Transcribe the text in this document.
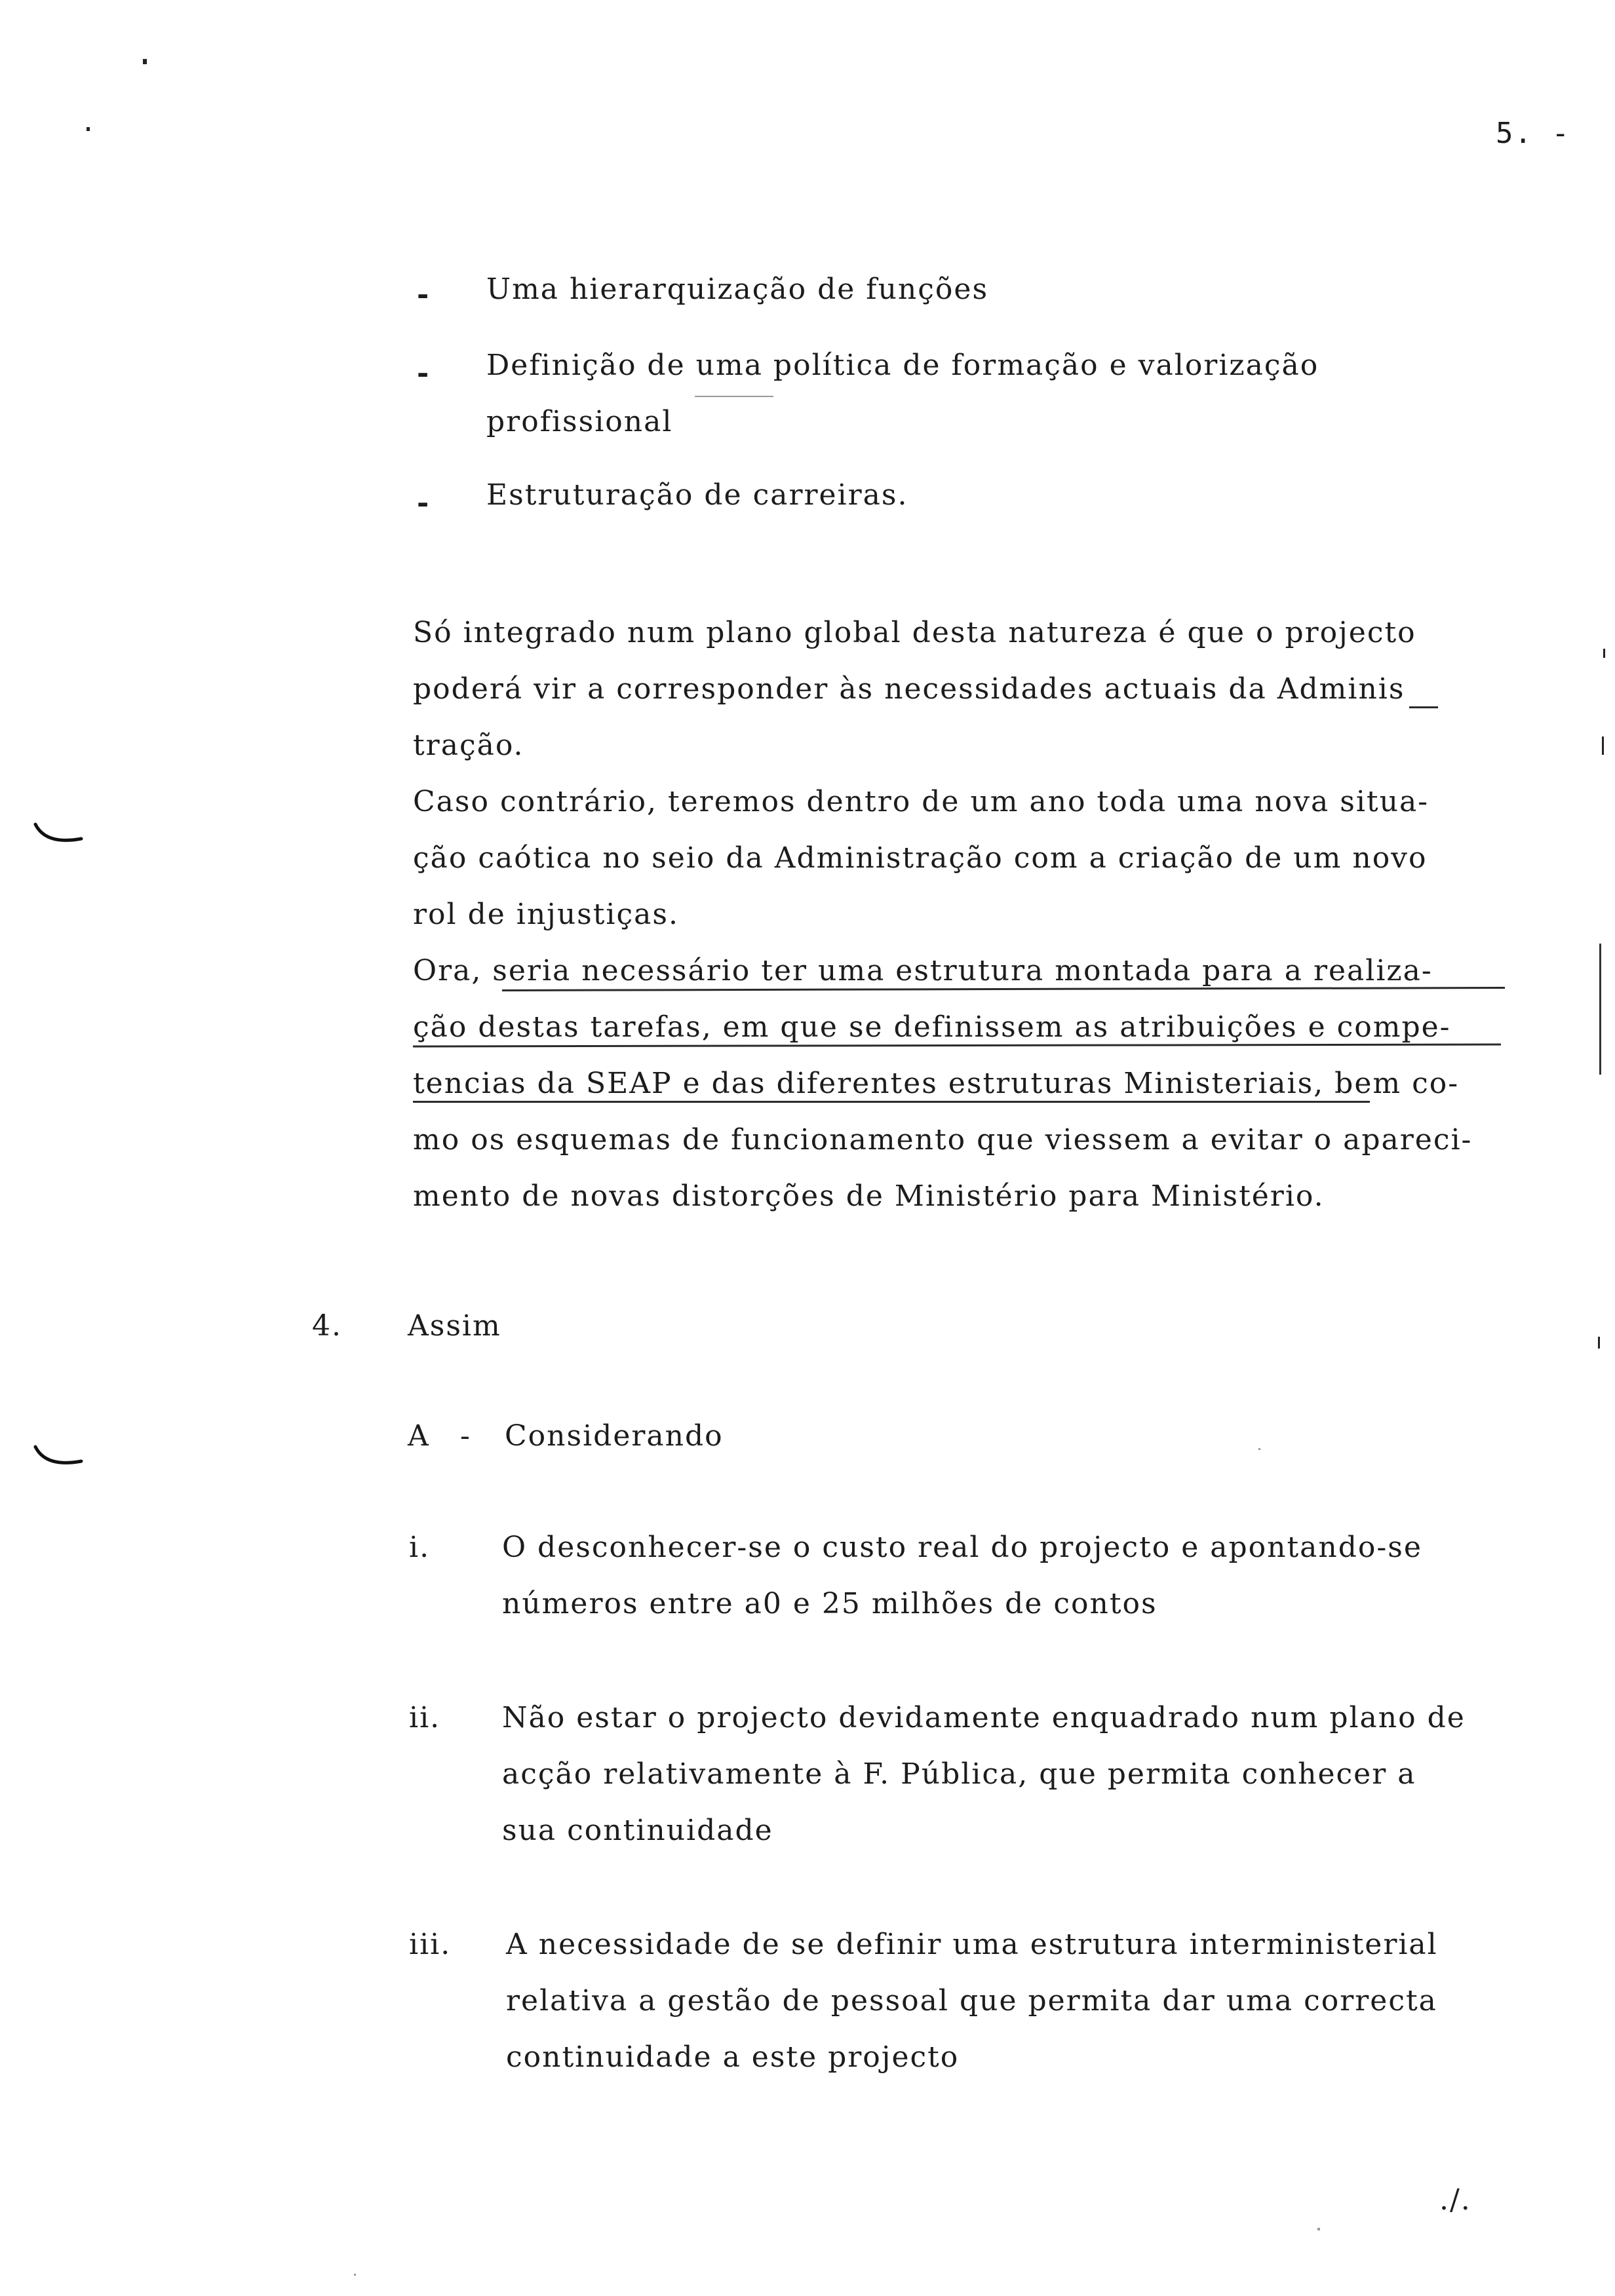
5. -
- Uma hierarquização de funções
- Definição de uma política de formação e valorização
profissional
- Estruturação de carreiras.
Só integrado num plano global desta natureza é que o projecto
poderá vir a corresponder às necessidades actuais da Adminis
tração.
Caso contrário, teremos dentro de um ano toda uma nova situa-
ção caótica no seio da Administração com a criação de um novo
rol de injustiças.
Ora, seria necessário ter uma estrutura montada para a realiza-
ção destas tarefas, em que se definissem as atribuições e compe-
tencias da SEAP e das diferentes estruturas Ministeriais, bem co-
mo os esquemas de funcionamento que viessem a evitar o apareci-
mento de novas distorções de Ministério para Ministério.
4. Assim
A - Considerando
i. O desconhecer-se o custo real do projecto e apontando-se
números entre a0 e 25 milhões de contos
ii. Não estar o projecto devidamente enquadrado num plano de
acção relativamente à F. Pública, que permita conhecer a
sua continuidade
iii. A necessidade de se definir uma estrutura interministerial
relativa a gestão de pessoal que permita dar uma correcta
continuidade a este projecto
./.
